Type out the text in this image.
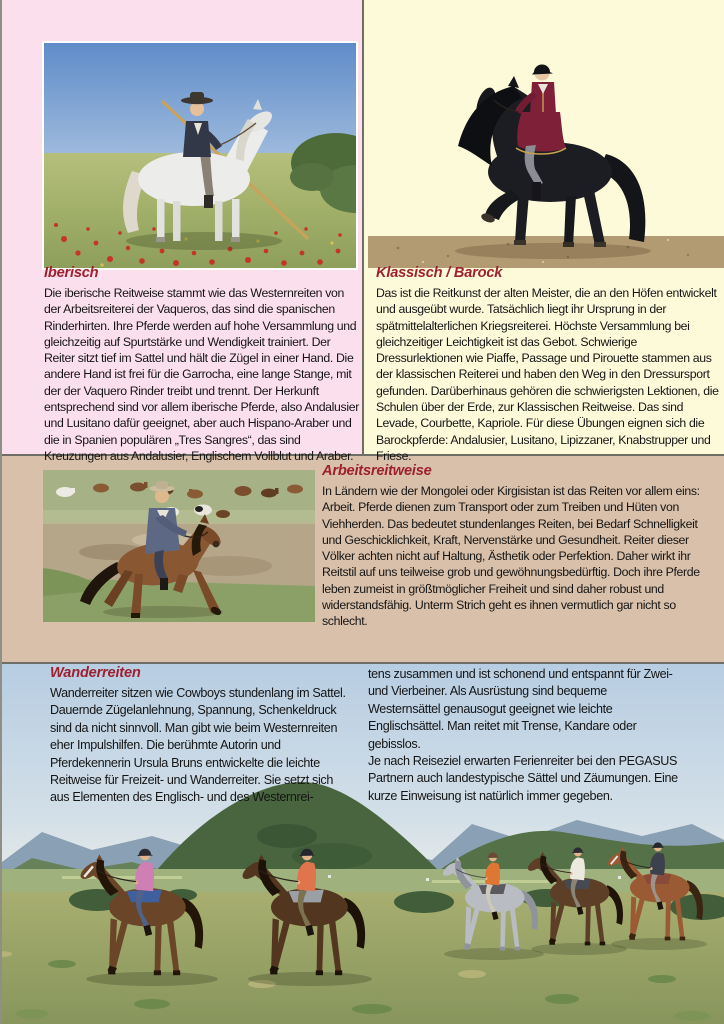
Iberisch

Die iberische Reitweise stammt wie das Westernreiten von der Arbeitsreiterei der Vaqueros, das sind die spanischen Rinderhirten. Ihre Pferde werden auf hohe Versammlung und gleichzeitig auf Spurtstärke und Wendigkeit trainiert. Der Reiter sitzt tief im Sattel und hält die Zügel in einer Hand. Die andere Hand ist frei für die Garrocha, eine lange Stange, mit der der Vaquero Rinder treibt und trennt. Der Herkunft entsprechend sind vor allem iberische Pferde, also Andalusier und Lusitano dafür geeignet, aber auch Hispano-Araber und die in Spanien populären „Tres Sangres“, das sind Kreuzungen aus Andalusier, Englischem Vollblut und Araber.

Klassisch / Barock

Das ist die Reitkunst der alten Meister, die an den Höfen entwickelt und ausgeübt wurde. Tatsächlich liegt ihr Ursprung in der spätmittelalterlichen Kriegsreiterei. Höchste Versammlung bei gleichzeitiger Leichtigkeit ist das Gebot. Schwierige Dressurlektionen wie Piaffe, Passage und Pirouette stammen aus der klassischen Reiterei und haben den Weg in den Dressursport gefunden. Darüberhinaus gehören die schwierigsten Lektionen, die Schulen über der Erde, zur Klassischen Reitweise. Das sind Levade, Courbette, Kapriole. Für diese Übungen eignen sich die Barockpferde: Andalusier, Lusitano, Lipizzaner, Knabstrupper und Friese.

Arbeitsreitweise

In Ländern wie der Mongolei oder Kirgisistan ist das Reiten vor allem eins: Arbeit. Pferde dienen zum Transport oder zum Treiben und Hüten von Viehherden. Das bedeutet stundenlanges Reiten, bei Bedarf Schnelligkeit und Geschicklichkeit, Kraft, Nervenstärke und Gesundheit. Reiter dieser Völker achten nicht auf Haltung, Ästhetik oder Perfektion. Daher wirkt ihr Reitstil auf uns teilweise grob und gewöhnungsbedürftig. Doch ihre Pferde leben zumeist in größtmöglicher Freiheit und sind daher robust und widerstandsfähig. Unterm Strich geht es ihnen vermutlich gar nicht so schlecht.

Wanderreiten

Wanderreiter sitzen wie Cowboys stundenlang im Sattel. Dauernde Zügelanlehnung, Spannung, Schenkeldruck sind da nicht sinnvoll. Man gibt wie beim Westernreiten eher Impulshilfen. Die berühmte Autorin und Pferdekennerin Ursula Bruns entwickelte die leichte Reitweise für Freizeit- und Wanderreiter. Sie setzt sich aus Elementen des Englisch- und des Westernrei-

tens zusammen und ist schonend und entspannt für Zwei- und Vierbeiner. Als Ausrüstung sind bequeme Westernsättel genausogut geeignet wie leichte Englischsättel. Man reitet mit Trense, Kandare oder gebisslos.

Je nach Reiseziel erwarten Ferienreiter bei den PEGASUS Partnern auch landestypische Sättel und Zäumungen. Eine kurze Einweisung ist natürlich immer gegeben.
